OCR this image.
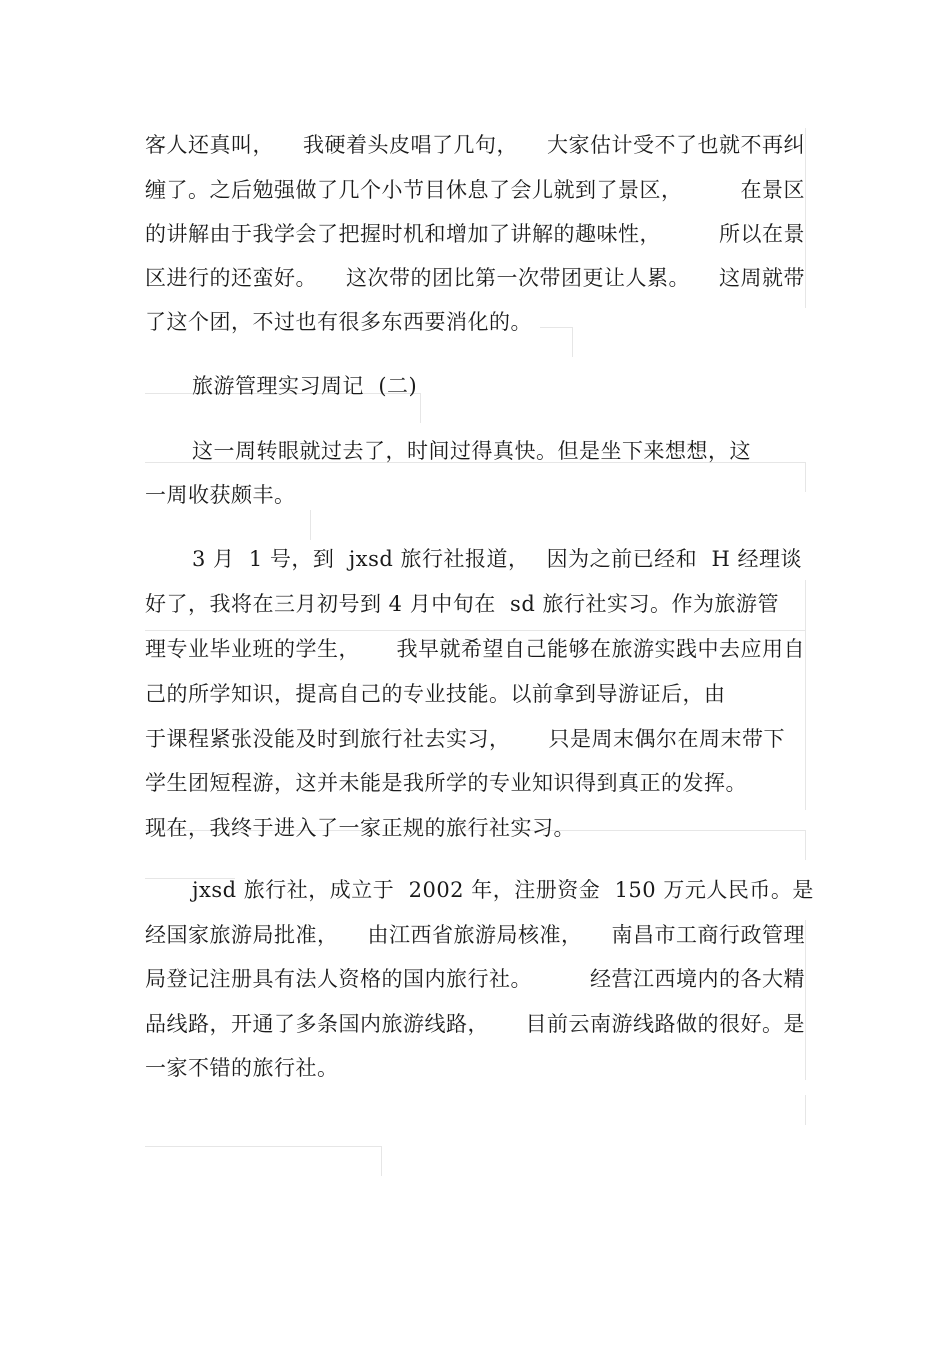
客人还真叫， 我硬着头皮唱了几句， 大家估计受不了也就不再纠
缠了。之后勉强做了几个小节目休息了会儿就到了景区，	在景区
的讲解由于我学会了把握时机和增加了讲解的趣味性，	所以在景
区进行的还蛮好。 这次带的团比第一次带团更让人累。 这周就带
了这个团，不过也有很多东西要消化的。
旅游管理实习周记  (二)
这一周转眼就过去了，时间过得真快。但是坐下来想想，这
一周收获颇丰。
3 月  1 号，到  jxsd 旅行社报道， 因为之前已经和  H 经理谈
好了，我将在三月初号到 4 月中旬在  sd 旅行社实习。作为旅游管
理专业毕业班的学生， 我早就希望自己能够在旅游实践中去应用自
己的所学知识，提高自己的专业技能。以前拿到导游证后，由
于课程紧张没能及时到旅行社去实习， 只是周末偶尔在周末带下
学生团短程游，这并未能是我所学的专业知识得到真正的发挥。
现在，我终于进入了一家正规的旅行社实习。
jxsd 旅行社，成立于  2002 年，注册资金  150 万元人民币。是
经国家旅游局批准， 由江西省旅游局核准， 南昌市工商行政管理
局登记注册具有法人资格的国内旅行社。	经营江西境内的各大精
品线路，开通了多条国内旅游线路， 目前云南游线路做的很好。是
一家不错的旅行社。
